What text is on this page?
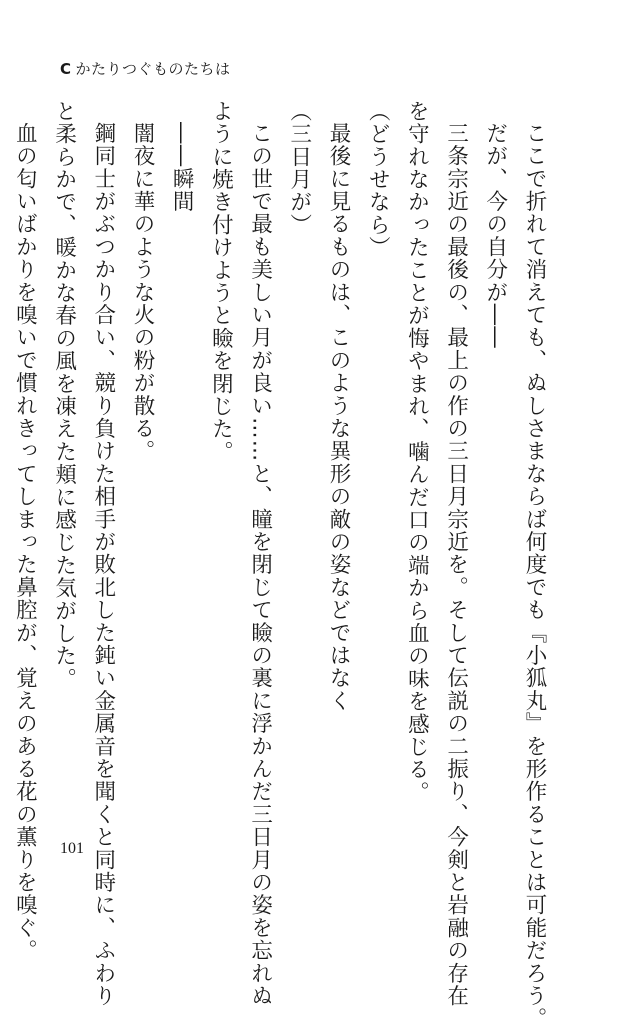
C かたりつぐものたちは
ここで折れて消えても、ぬしさまならば何度でも『小狐丸』を形作ることは可能だろう。
だが、今の自分が――
三条宗近の最後の、最上の作の三日月宗近を。そして伝説の二振り、今剣と岩融の存在
を守れなかったことが悔やまれ、噛んだ口の端から血の味を感じる。
（どうせなら）
最後に見るものは、このような異形の敵の姿などではなく
（三日月が）
この世で最も美しい月が良い……と、瞳を閉じて瞼の裏に浮かんだ三日月の姿を忘れぬ
ように焼き付けようと瞼を閉じた。
――瞬間
闇夜に華のような火の粉が散る。
鋼同士がぶつかり合い、競り負けた相手が敗北した鈍い金属音を聞くと同時に、ふわり
と柔らかで、暖かな春の風を凍えた頬に感じた気がした。
血の匂いばかりを嗅いで慣れきってしまった鼻腔が、覚えのある花の薫りを嗅ぐ。	101
